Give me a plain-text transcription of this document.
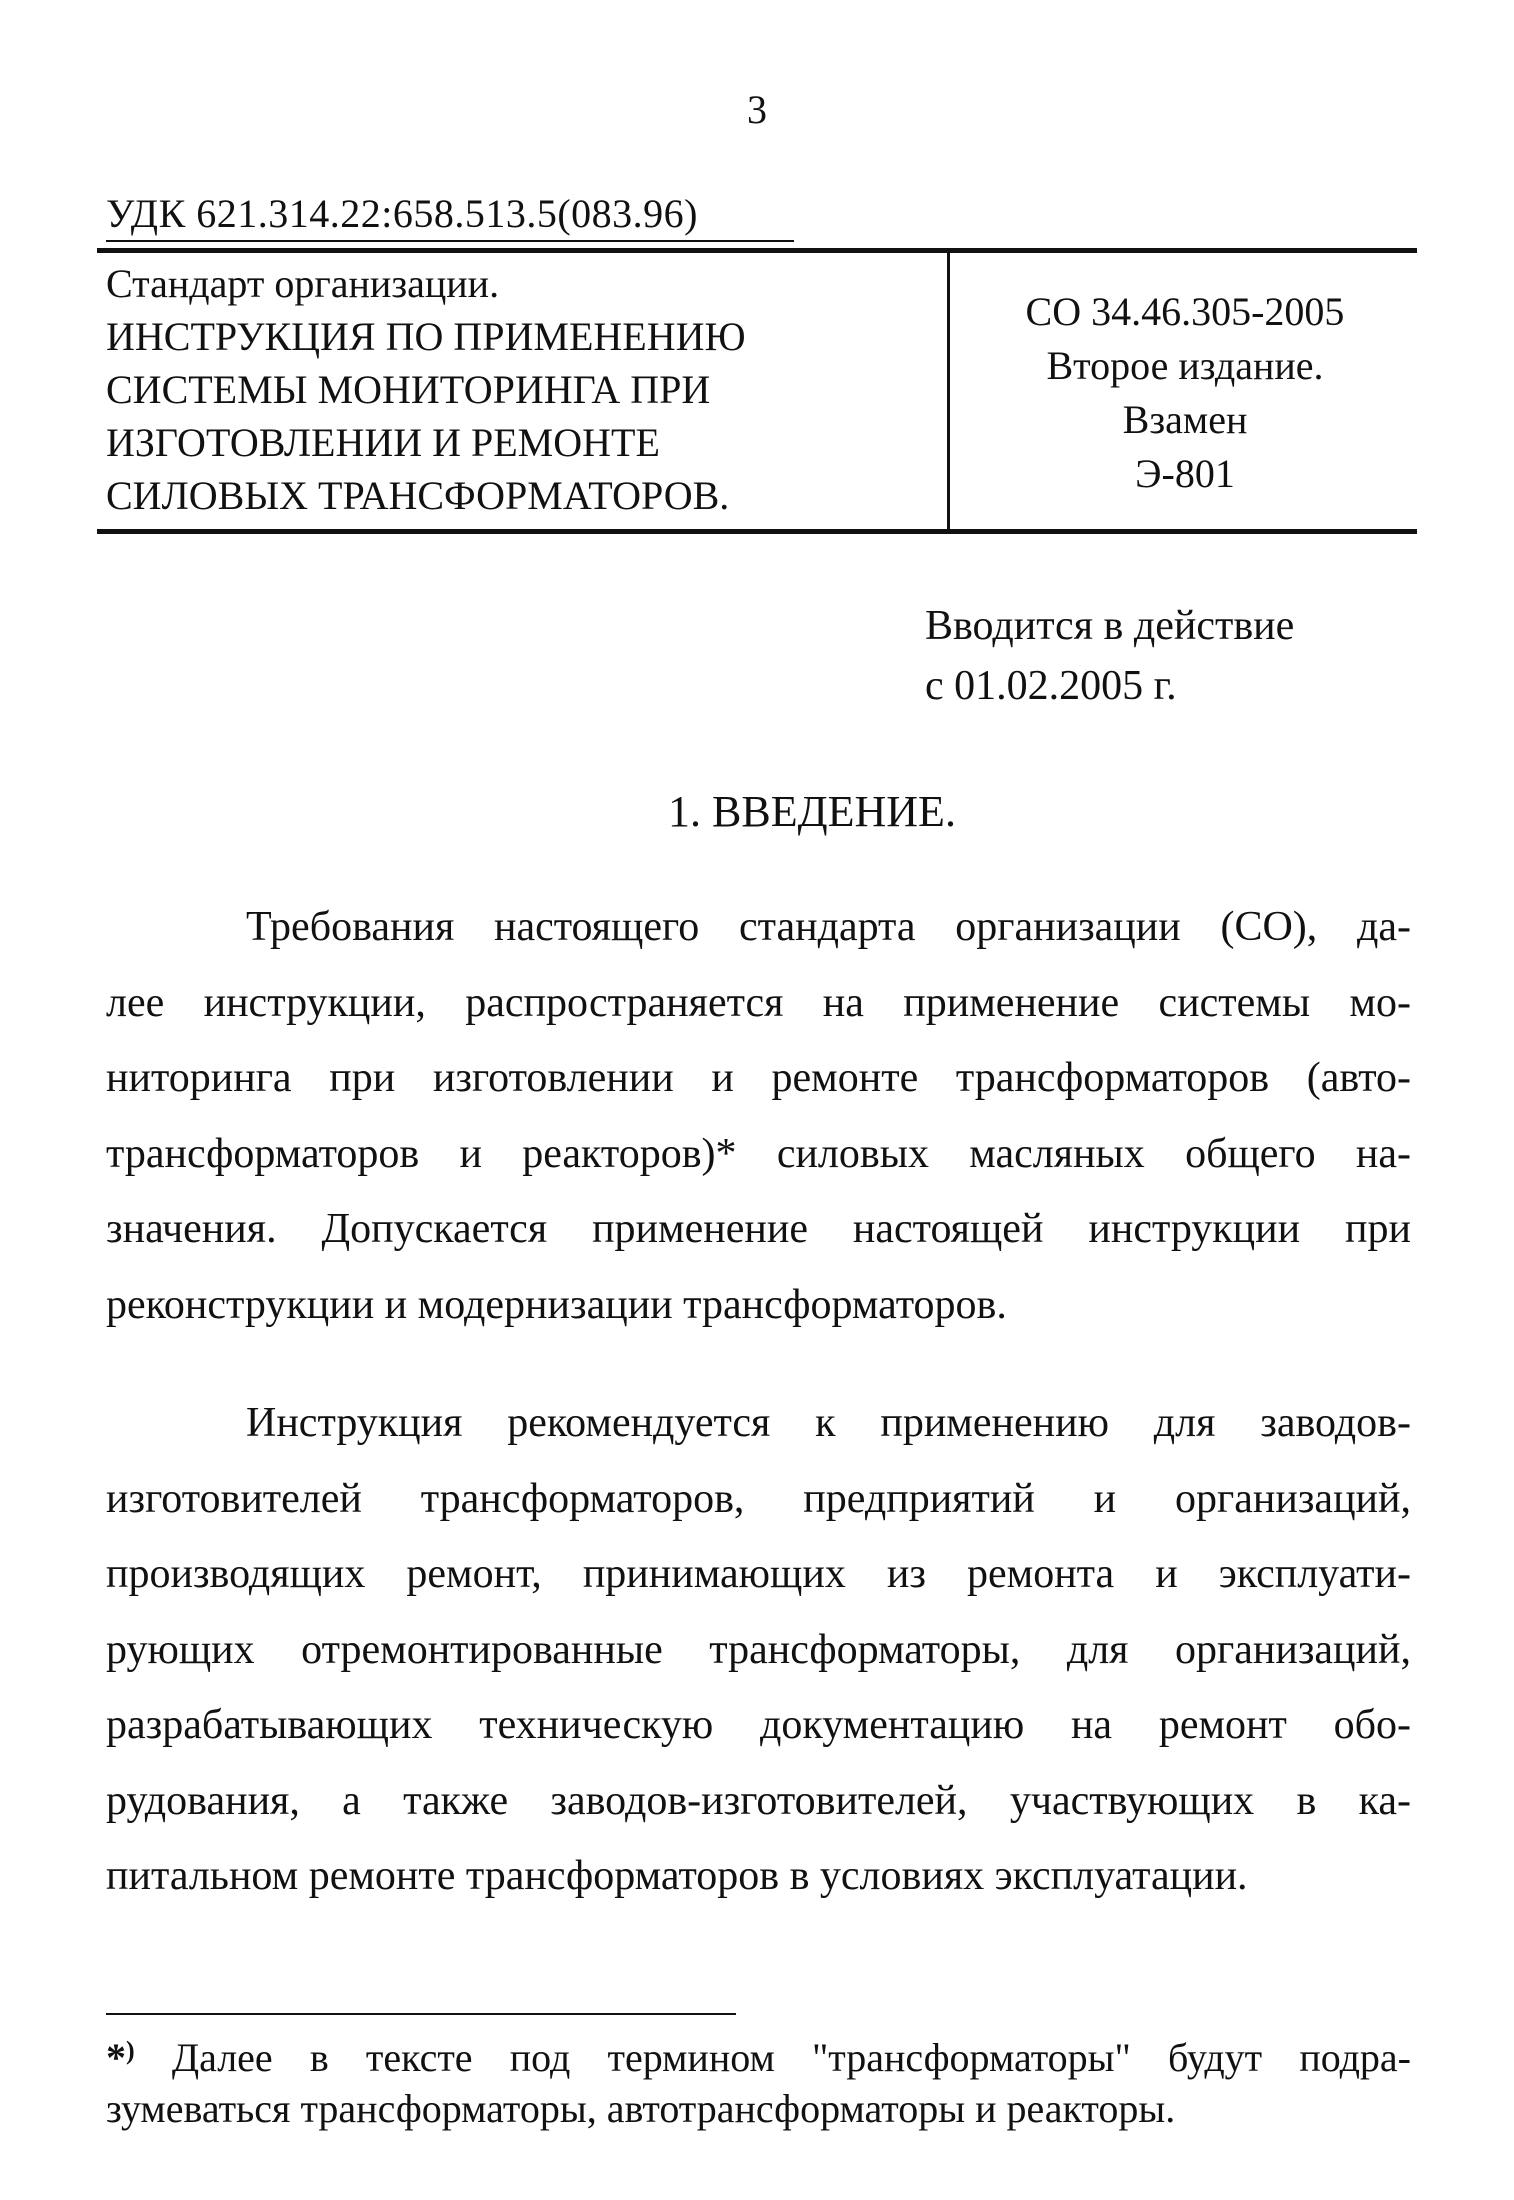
3
УДК 621.314.22:658.513.5(083.96)
Стандарт организации.
ИНСТРУКЦИЯ ПО ПРИМЕНЕНИЮ
СИСТЕМЫ МОНИТОРИНГА ПРИ
ИЗГОТОВЛЕНИИ И РЕМОНТЕ
СИЛОВЫХ ТРАНСФОРМАТОРОВ.
СО 34.46.305-2005
Второе издание.
Взамен
Э-801
Вводится в действие
с 01.02.2005 г.
1. ВВЕДЕНИЕ.
Требования настоящего стандарта организации (СО), да-
лее инструкции, распространяется на применение системы мо-
ниторинга при изготовлении и ремонте трансформаторов (авто-
трансформаторов и реакторов)* силовых масляных общего на-
значения. Допускается применение настоящей инструкции при
реконструкции и модернизации трансформаторов.
Инструкция рекомендуется к применению для заводов-
изготовителей трансформаторов, предприятий и организаций,
производящих ремонт, принимающих из ремонта и эксплуати-
рующих отремонтированные трансформаторы, для организаций,
разрабатывающих техническую документацию на ремонт обо-
рудования, а также заводов-изготовителей, участвующих в ка-
питальном ремонте трансформаторов в условиях эксплуатации.
*) Далее в тексте под термином "трансформаторы" будут подра-
зумеваться трансформаторы, автотрансформаторы и реакторы.
